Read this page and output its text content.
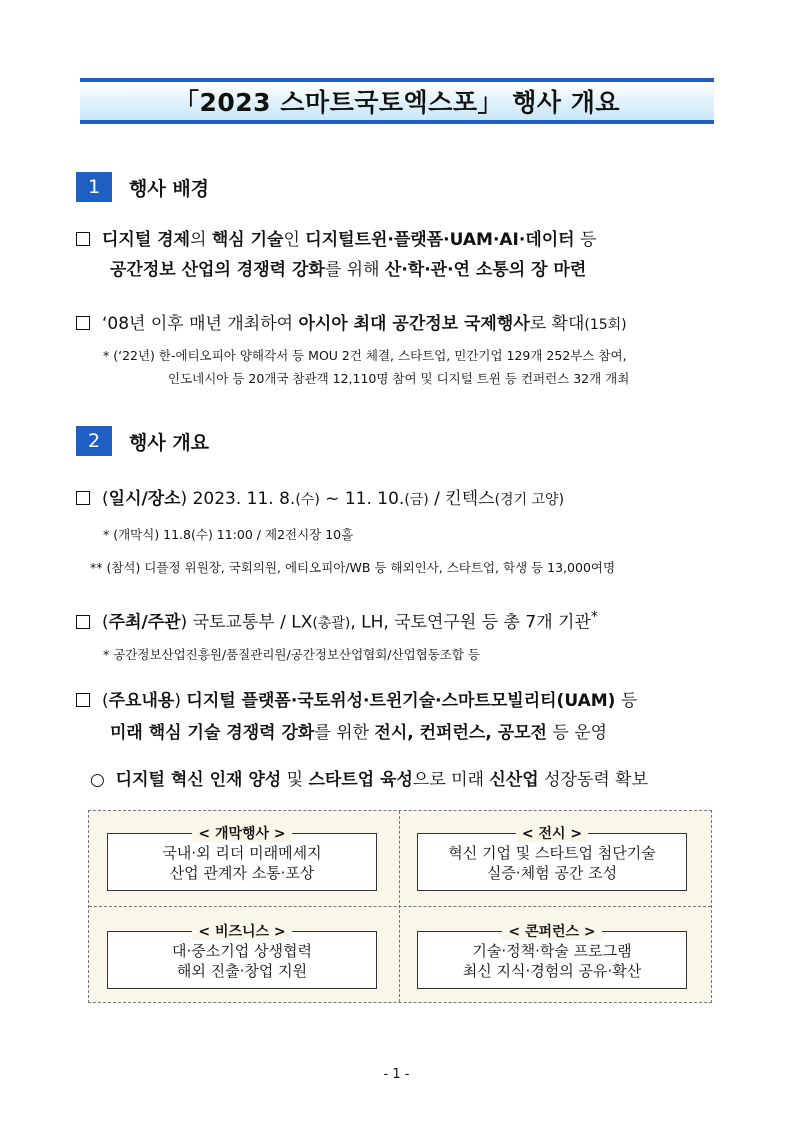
「2023 스마트국토엑스포」 행사 개요
1	행사 배경
디지털 경제의 핵심 기술인 디지털트윈·플랫폼·UAM·AI·데이터 등
공간정보 산업의 경쟁력 강화를 위해 산·학·관·연 소통의 장 마련
‘08년 이후 매년 개최하여 아시아 최대 공간정보 국제행사로 확대(15회)
* (‘22년) 한-에티오피아 양해각서 등 MOU 2건 체결, 스타트업, 민간기업 129개 252부스 참여,
인도네시아 등 20개국 참관객 12,110명 참여 및 디지털 트윈 등 컨퍼런스 32개 개최
2	행사 개요
(일시/장소) 2023. 11. 8.(수) ~ 11. 10.(금) / 킨텍스(경기 고양)
* (개막식) 11.8(수) 11:00 / 제2전시장 10홀
** (참석) 디플정 위원장, 국회의원, 에티오피아/WB 등 해외인사, 스타트업, 학생 등 13,000여명
(주최/주관) 국토교통부 / LX(총괄), LH, 국토연구원 등 총 7개 기관*
* 공간정보산업진흥원/품질관리원/공간정보산업협회/산업협동조합 등
(주요내용) 디지털 플랫폼·국토위성·트윈기술·스마트모빌리티(UAM) 등
미래 핵심 기술 경쟁력 강화를 위한 전시, 컨퍼런스, 공모전 등 운영
○ 디지털 혁신 인재 양성 및 스타트업 육성으로 미래 신산업 성장동력 확보
< 개막행사 >
국내·외 리더 미래메세지
산업 관계자 소통·포상
< 전시 >
혁신 기업 및 스타트업 첨단기술
실증·체험 공간 조성
< 비즈니스 >
대·중소기업 상생협력
해외 진출·창업 지원
< 콘퍼런스 >
기술·정책·학술 프로그램
최신 지식·경험의 공유·확산
- 1 -
